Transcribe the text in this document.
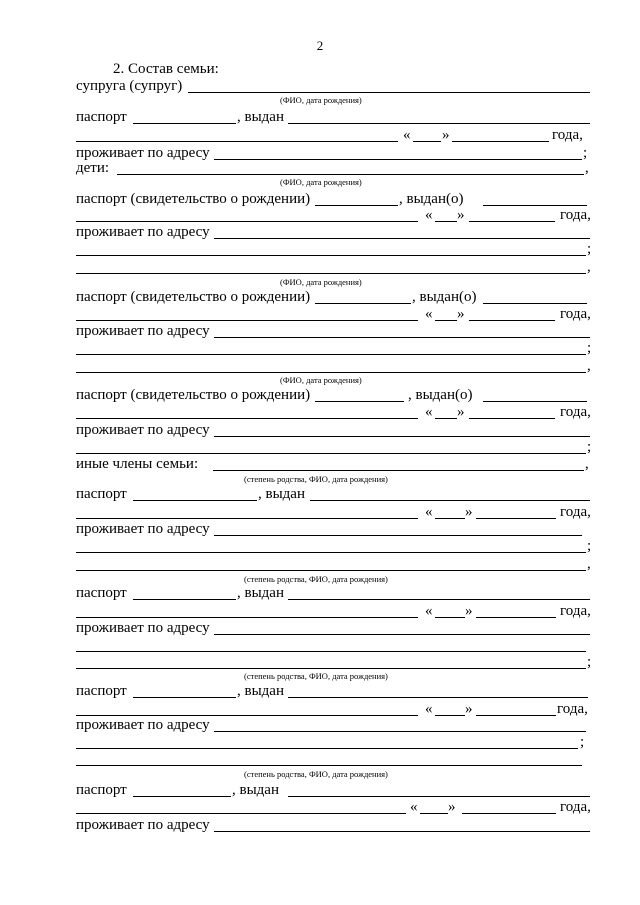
2
2. Состав семьи:
супруга (супруг)
(ФИО, дата рождения)
паспорт	, выдан
« »	года,
проживает по адресу	;
дети:	,
(ФИО, дата рождения)
паспорт (свидетельство о рождении)	, выдан(о)
« »	года,
проживает по адресу
;
,
(ФИО, дата рождения)
паспорт (свидетельство о рождении)	, выдан(о)
« »	года,
проживает по адресу
;
,
(ФИО, дата рождения)
паспорт (свидетельство о рождении)	, выдан(о)
« »	года,
проживает по адресу
;
иные члены семьи:	,
(степень родства, ФИО, дата рождения)
паспорт	, выдан
« »	года,
проживает по адресу
;
,
(степень родства, ФИО, дата рождения)
паспорт	, выдан
« »	года,
проживает по адресу
;
(степень родства, ФИО, дата рождения)
паспорт	, выдан
« »	года,
проживает по адресу
;
(степень родства, ФИО, дата рождения)
паспорт	, выдан
« »	года,
проживает по адресу
